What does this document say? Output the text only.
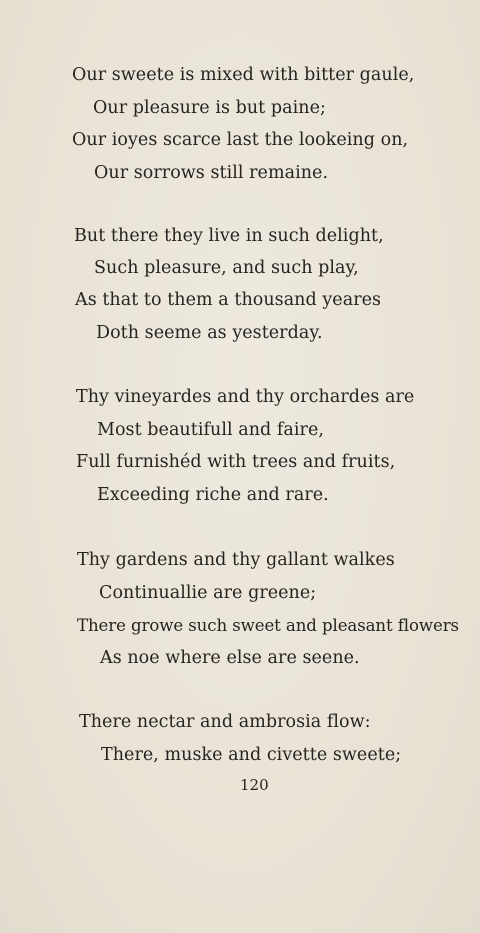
Our sweete is mixed with bitter gaule,
Our pleasure is but paine;
Our ioyes scarce last the lookeing on,
Our sorrows still remaine.
But there they live in such delight,
Such pleasure, and such play,
As that to them a thousand yeares
Doth seeme as yesterday.
Thy vineyardes and thy orchardes are
Most beautifull and faire,
Full furnishéd with trees and fruits,
Exceeding riche and rare.
Thy gardens and thy gallant walkes
Continuallie are greene;
There growe such sweet and pleasant flowers
As noe where else are seene.
There nectar and ambrosia flow:
There, muske and civette sweete;
120
